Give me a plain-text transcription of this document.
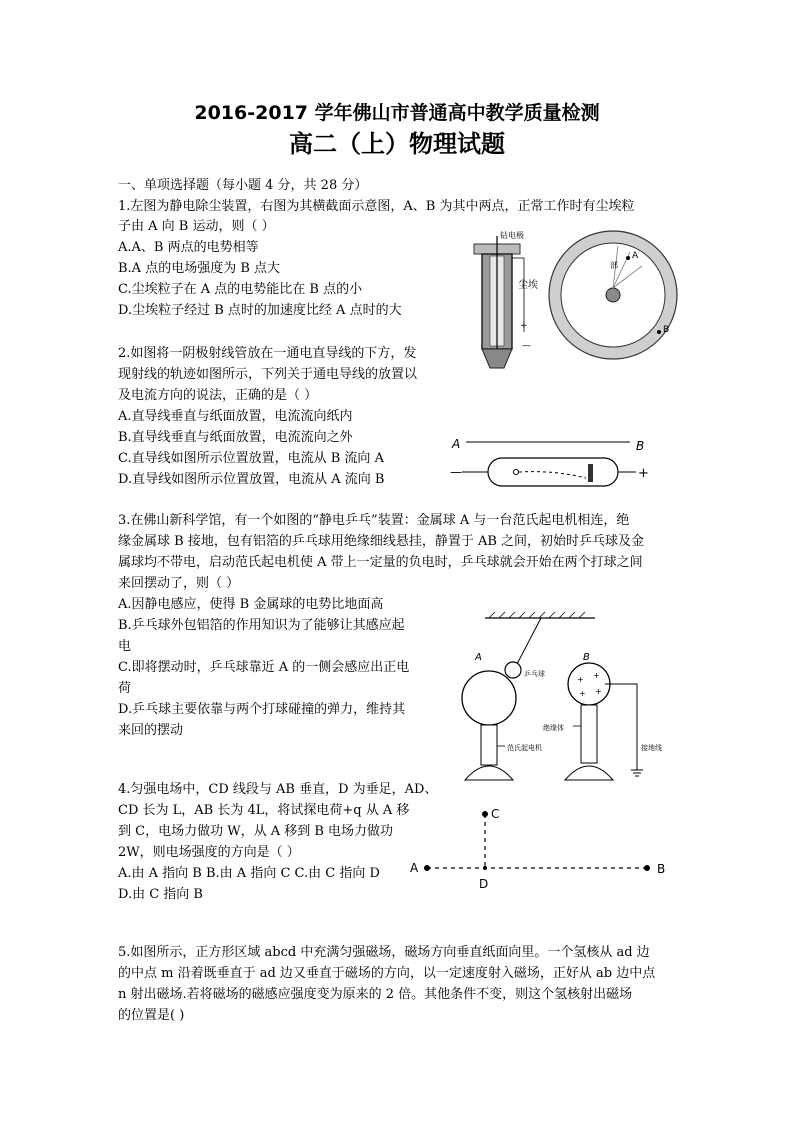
2016-2017 学年佛山市普通高中教学质量检测
高二（上）物理试题
一、单项选择题（每小题 4 分，共 28 分）
1.左图为静电除尘装置，右图为其横截面示意图，A、B 为其中两点，正常工作时有尘埃粒
子由 A 向 B 运动，则（ ）
A.A、B 两点的电势相等
B.A 点的电场强度为 B 点大
C.尘埃粒子在 A 点的电势能比在 B 点的小
D.尘埃粒子经过 B 点时的加速度比经 A 点时的大
钻电极
尘埃
—
+
部
A
B
2.如图将一阴极射线管放在一通电直导线的下方，发
现射线的轨迹如图所示，下列关于通电导线的放置以
及电流方向的说法，正确的是（ ）
A.直导线垂直与纸面放置，电流流向纸内
B.直导线垂直与纸面放置，电流流向之外
C.直导线如图所示位置放置，电流从 B 流向 A
D.直导线如图所示位置放置，电流从 A 流向 B
A	B
—	+
3.在佛山新科学馆，有一个如图的“静电乒乓”装置：金属球 A 与一台范氏起电机相连，绝
缘金属球 B 接地，包有铝箔的乒乓球用绝缘细线悬挂，静置于 AB 之间，初始时乒乓球及金
属球均不带电，启动范氏起电机使 A 带上一定量的负电时，乒乓球就会开始在两个打球之间
来回摆动了，则（ ）
A.因静电感应，使得 B 金属球的电势比地面高
B.乒乓球外包铝箔的作用知识为了能够让其感应起
电
C.即将摆动时，乒乓球靠近 A 的一侧会感应出正电
荷
D.乒乓球主要依靠与两个打球碰撞的弹力，维持其
来回的摆动
A
乒乓球
范氏起电机
B
+ +
+ +
绝缘体
接地线
4.匀强电场中，CD 线段与 AB 垂直，D 为垂足，AD、
CD 长为 L，AB 长为 4L，将试探电荷+q 从 A 移
到 C，电场力做功 W，从 A 移到 B 电场力做功
2W，则电场强度的方向是（ ）
A.由 A 指向 B B.由 A 指向 C C.由 C 指向 D
D.由 C 指向 B
C
A	B
D
5.如图所示，正方形区域 abcd 中充满匀强磁场，磁场方向垂直纸面向里。一个氢核从 ad 边
的中点 m 沿着既垂直于 ad 边又垂直于磁场的方向，以一定速度射入磁场，正好从 ab 边中点
n 射出磁场.若将磁场的磁感应强度变为原来的 2 倍。其他条件不变，则这个氢核射出磁场
的位置是( )
